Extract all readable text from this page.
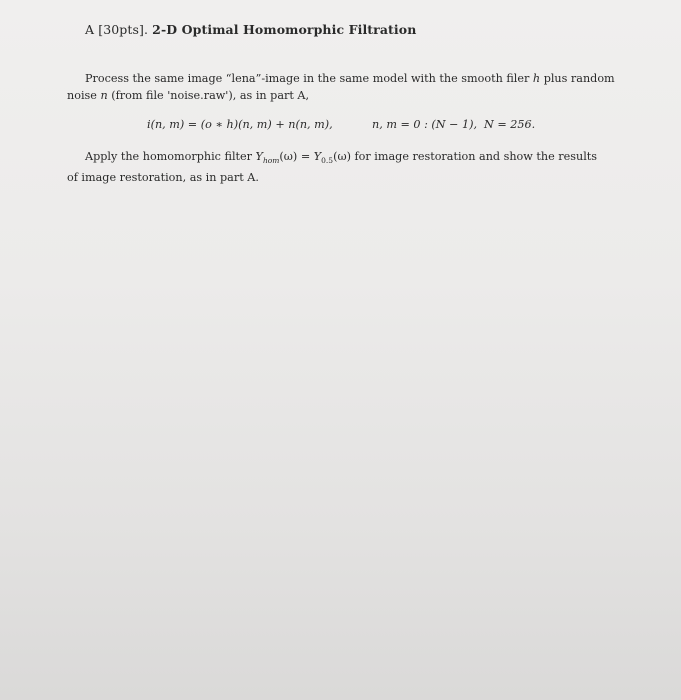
A [30pts]. 2-D Optimal Homomorphic Filtration
Process the same image “lena”-image in the same model with the smooth filer h plus random
noise n (from file 'noise.raw'), as in part A,
i(n, m) = (o ∗ h)(n, m) + n(n, m),	n, m = 0 : (N − 1), N = 256.
Apply the homomorphic filter $Y_{hom}(\omega) = Y_{0.5}(\omega)$ for image restoration and show the results
of image restoration, as in part A.
